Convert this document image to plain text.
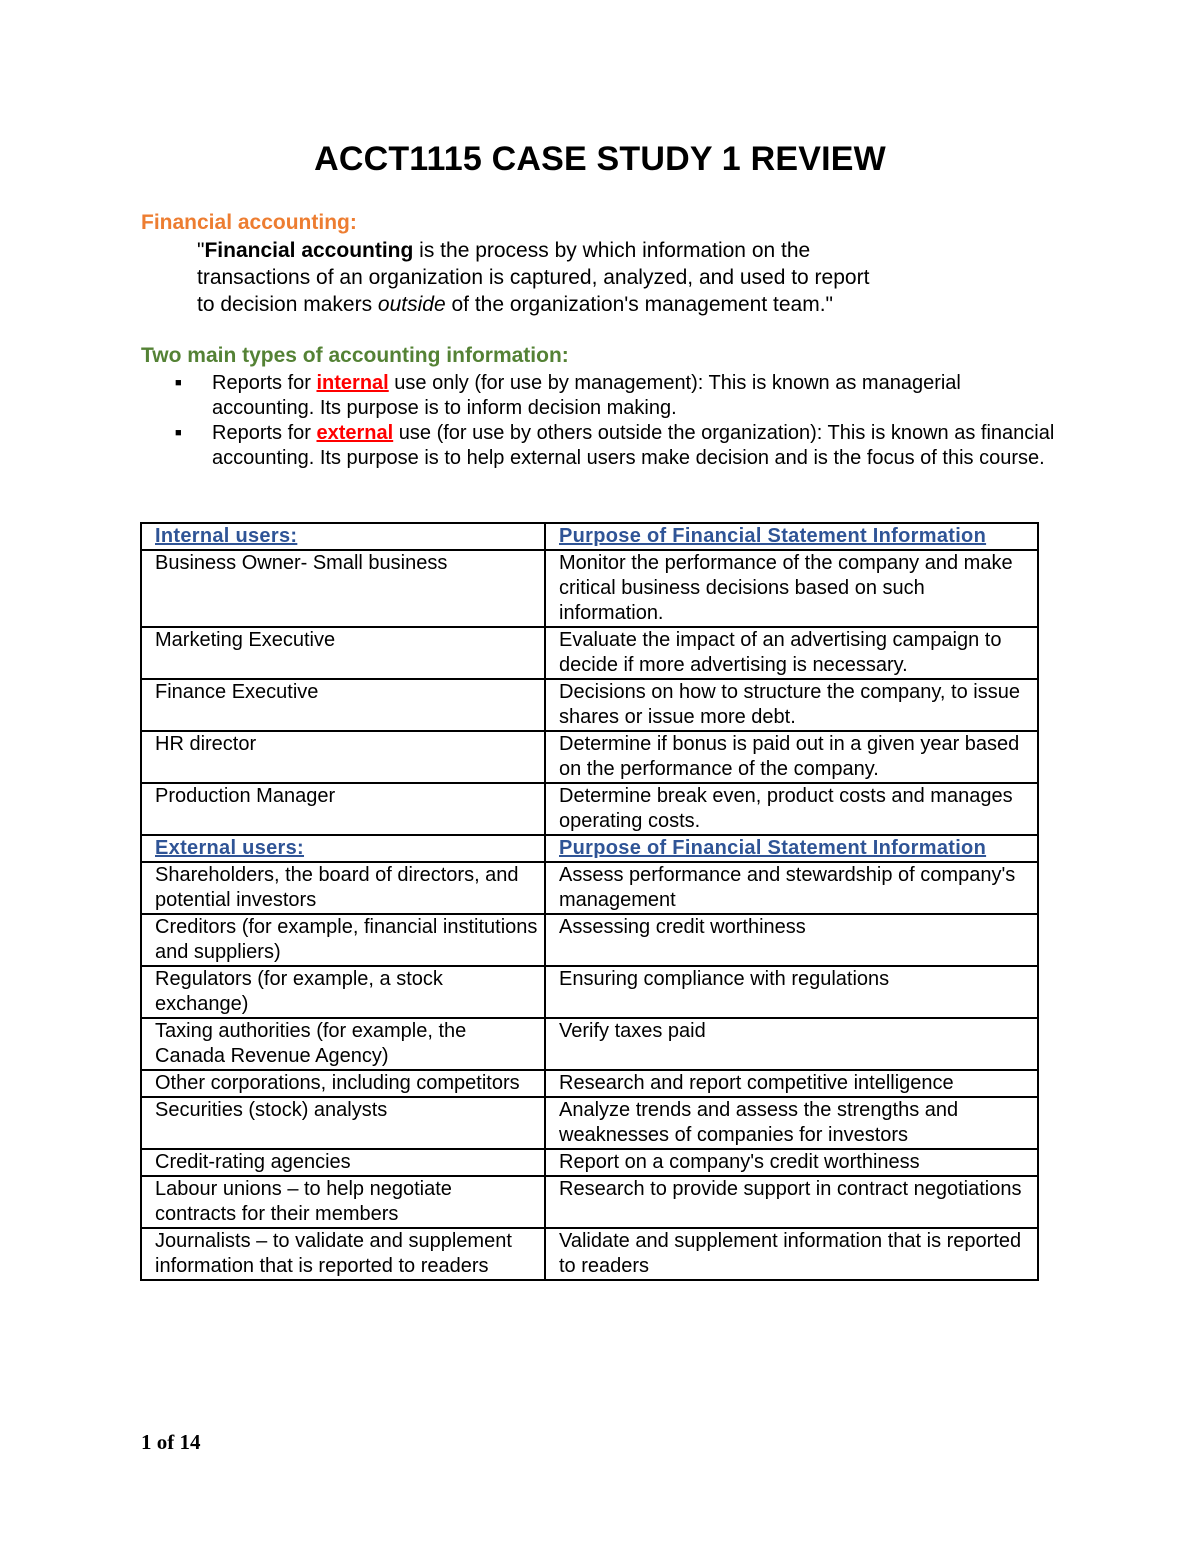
ACCT1115 CASE STUDY 1 REVIEW
Financial accounting:
"Financial accounting is the process by which information on the
transactions of an organization is captured, analyzed, and used to report
to decision makers outside of the organization's management team."
Two main types of accounting information:
■ Reports for internal use only (for use by management): This is known as managerial accounting. Its purpose is to inform decision making.
■ Reports for external use (for use by others outside the organization): This is known as financial accounting. Its purpose is to help external users make decision and is the focus of this course.
Internal users:	Purpose of Financial Statement Information
Business Owner- Small business	Monitor the performance of the company and make critical business decisions based on such information.
Marketing Executive	Evaluate the impact of an advertising campaign to decide if more advertising is necessary.
Finance Executive	Decisions on how to structure the company, to issue shares or issue more debt.
HR director	Determine if bonus is paid out in a given year based on the performance of the company.
Production Manager	Determine break even, product costs and manages operating costs.
External users:	Purpose of Financial Statement Information
Shareholders, the board of directors, and potential investors	Assess performance and stewardship of company's management
Creditors (for example, financial institutions and suppliers)	Assessing credit worthiness
Regulators (for example, a stock exchange)	Ensuring compliance with regulations
Taxing authorities (for example, the Canada Revenue Agency)	Verify taxes paid
Other corporations, including competitors	Research and report competitive intelligence
Securities (stock) analysts	Analyze trends and assess the strengths and weaknesses of companies for investors
Credit-rating agencies	Report on a company's credit worthiness
Labour unions – to help negotiate contracts for their members	Research to provide support in contract negotiations
Journalists – to validate and supplement information that is reported to readers	Validate and supplement information that is reported to readers
1 of 14
